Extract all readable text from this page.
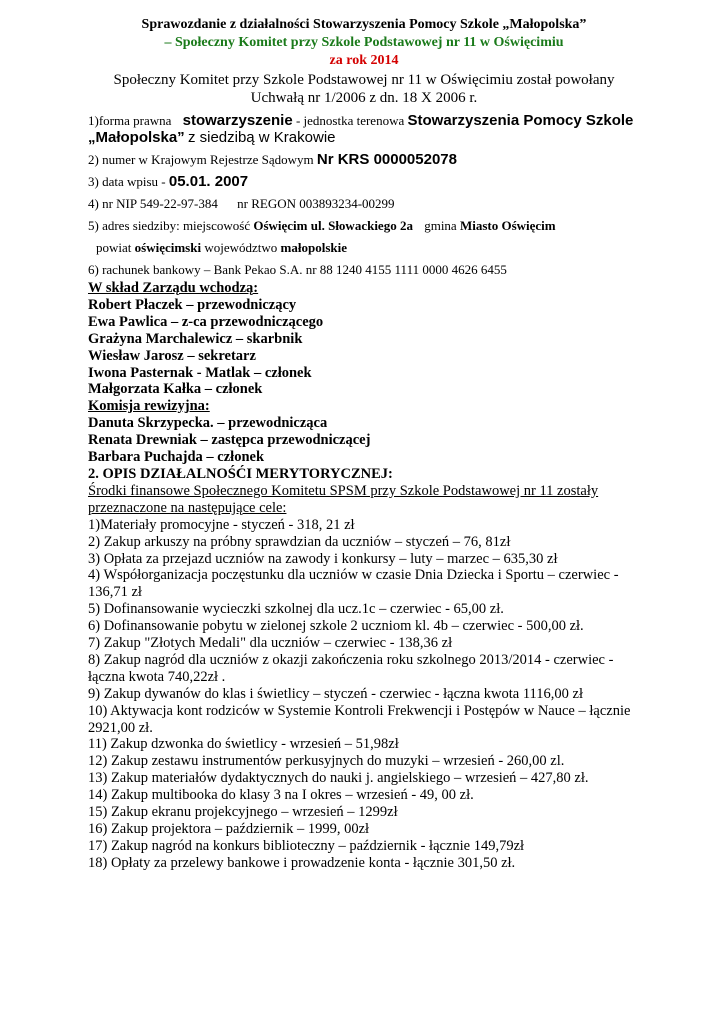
Sprawozdanie z działalności Stowarzyszenia Pomocy Szkole „Małopolska”
– Społeczny Komitet przy Szkole Podstawowej nr 11 w Oświęcimiu
za rok 2014
Społeczny Komitet przy Szkole Podstawowej nr 11 w Oświęcimiu został powołany Uchwałą nr 1/2006 z dn. 18 X 2006 r.
1)forma prawna stowarzyszenie - jednostka terenowa Stowarzyszenia Pomocy Szkole „Małopolska” z siedzibą w Krakowie
2) numer w Krajowym Rejestrze Sądowym Nr KRS 0000052078
3) data wpisu - 05.01. 2007
4) nr NIP 549-22-97-384 nr REGON 003893234-00299
5) adres siedziby: miejscowość Oświęcim ul. Słowackiego 2a gmina Miasto Oświęcim
powiat oświęcimski województwo małopolskie
6) rachunek bankowy – Bank Pekao S.A. nr 88 1240 4155 1111 0000 4626 6455
W skład Zarządu wchodzą:
Robert Płaczek – przewodniczący
Ewa Pawlica – z-ca przewodniczącego
Grażyna Marchalewicz – skarbnik
Wiesław Jarosz – sekretarz
Iwona Pasternak - Matlak – członek
Małgorzata Kałka – członek
Komisja rewizyjna:
Danuta Skrzypecka. – przewodnicząca
Renata Drewniak – zastępca przewodniczącej
Barbara Puchajda – członek
2. OPIS DZIAŁALNOŚĆI MERYTORYCZNEJ:
Środki finansowe Społecznego Komitetu SPSM przy Szkole Podstawowej nr 11 zostały
przeznaczone na następujące cele:
1)Materiały promocyjne - styczeń - 318, 21 zł
2) Zakup arkuszy na próbny sprawdzian da uczniów – styczeń – 76, 81zł
3) Opłata za przejazd uczniów na zawody i konkursy – luty – marzec – 635,30 zł
4) Współorganizacja poczęstunku dla uczniów w czasie Dnia Dziecka i Sportu – czerwiec - 136,71 zł
5) Dofinansowanie wycieczki szkolnej dla ucz.1c – czerwiec - 65,00 zł.
6) Dofinansowanie pobytu w zielonej szkole 2 uczniom kl. 4b – czerwiec - 500,00 zł.
7) Zakup "Złotych Medali" dla uczniów – czerwiec - 138,36 zł
8) Zakup nagród dla uczniów z okazji zakończenia roku szkolnego 2013/2014 - czerwiec - łączna kwota 740,22zł .
9) Zakup dywanów do klas i świetlicy – styczeń - czerwiec - łączna kwota 1116,00 zł
10) Aktywacja kont rodziców w Systemie Kontroli Frekwencji i Postępów w Nauce – łącznie 2921,00 zł.
11) Zakup dzwonka do świetlicy - wrzesień – 51,98zł
12) Zakup zestawu instrumentów perkusyjnych do muzyki – wrzesień - 260,00 zl.
13) Zakup materiałów dydaktycznych do nauki j. angielskiego – wrzesień – 427,80 zł.
14) Zakup multibooka do klasy 3 na I okres – wrzesień - 49, 00 zł.
15) Zakup ekranu projekcyjnego – wrzesień – 1299zł
16) Zakup projektora – październik – 1999, 00zł
17) Zakup nagród na konkurs biblioteczny – październik - łącznie 149,79zł
18) Opłaty za przelewy bankowe i prowadzenie konta - łącznie 301,50 zł.
